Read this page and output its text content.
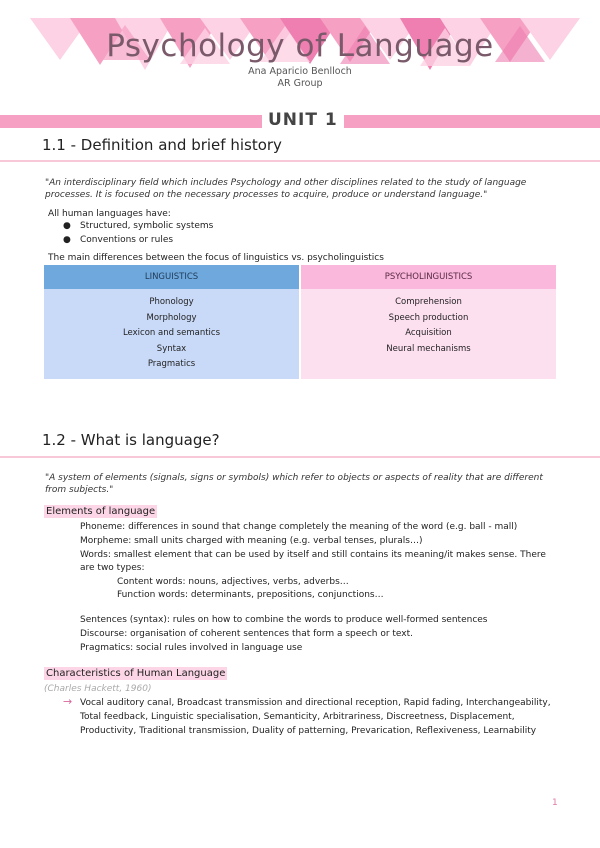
Psychology of Language
Ana Aparicio Benlloch
AR Group
UNIT 1
1.1 - Definition and brief history
"An interdisciplinary field which includes Psychology and other disciplines related to the study of language processes. It is focused on the necessary processes to acquire, produce or understand language."
All human languages have:
● Structured, symbolic systems
● Conventions or rules
The main differences between the focus of linguistics vs. psycholinguistics
LINGUISTICS
Phonology
Morphology
Lexicon and semantics
Syntax
Pragmatics
PSYCHOLINGUISTICS
Comprehension
Speech production
Acquisition
Neural mechanisms
1.2 - What is language?
"A system of elements (signals, signs or symbols) which refer to objects or aspects of reality that are different from subjects."
Elements of language
Phoneme: differences in sound that change completely the meaning of the word (e.g. ball - mall)
Morpheme: small units charged with meaning (e.g. verbal tenses, plurals…)
Words: smallest element that can be used by itself and still contains its meaning/it makes sense. There
are two types:
Content words: nouns, adjectives, verbs, adverbs…
Function words: determinants, prepositions, conjunctions…
Sentences (syntax): rules on how to combine the words to produce well-formed sentences
Discourse: organisation of coherent sentences that form a speech or text.
Pragmatics: social rules involved in language use
Characteristics of Human Language
(Charles Hackett, 1960)
→ Vocal auditory canal, Broadcast transmission and directional reception, Rapid fading, Interchangeability,
Total feedback, Linguistic specialisation, Semanticity, Arbitrariness, Discreetness, Displacement,
Productivity, Traditional transmission, Duality of patterning, Prevarication, Reflexiveness, Learnability
1
